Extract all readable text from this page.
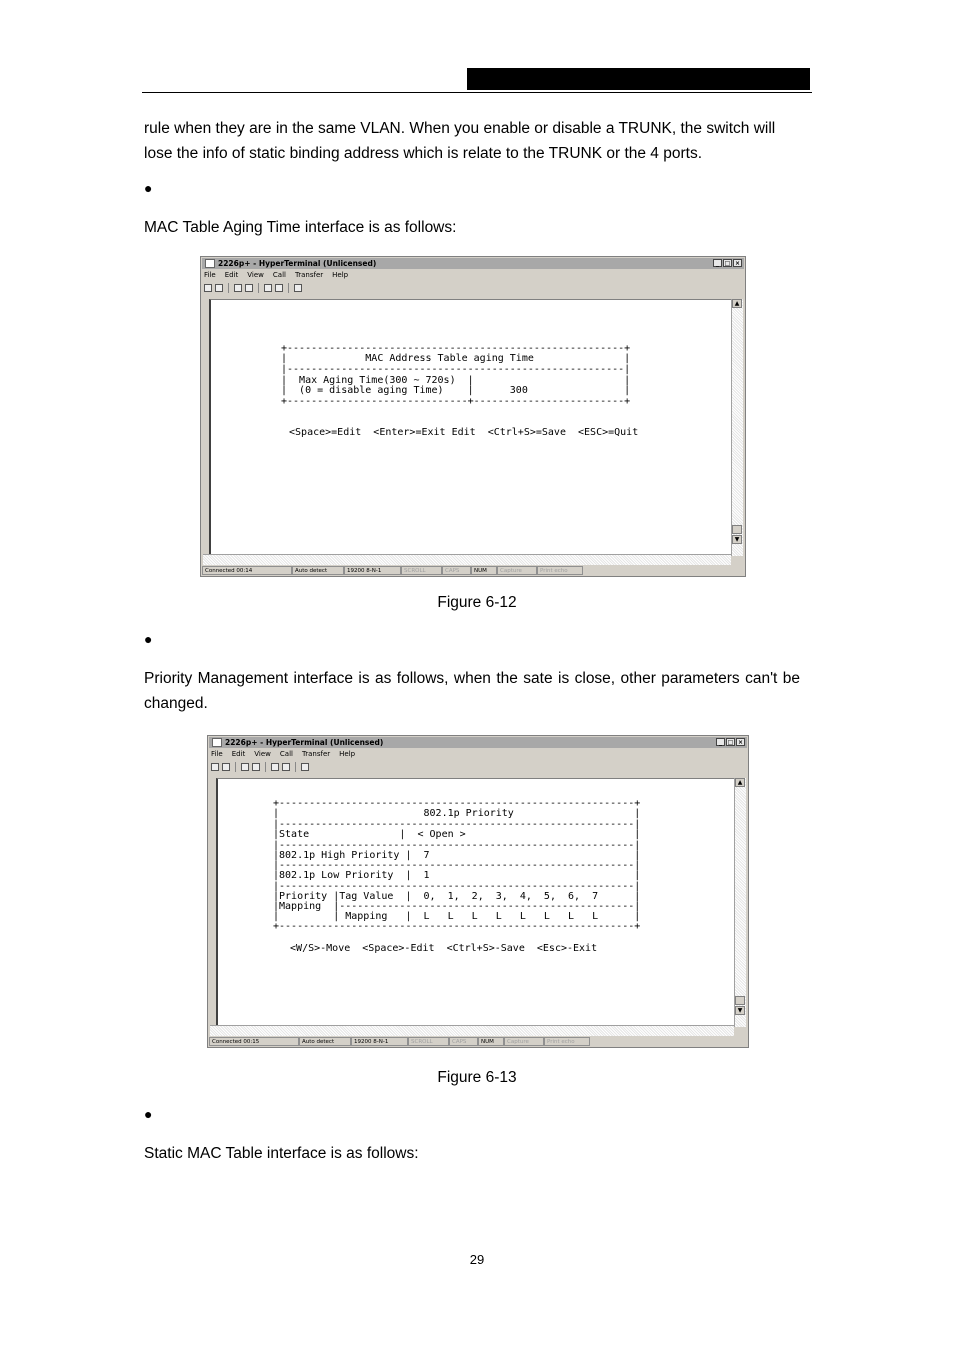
rule when they are in the same VLAN. When you enable or disable a TRUNK, the switch will lose the info of static binding address which is relate to the TRUNK or the 4 ports.

●

MAC Table Aging Time interface is as follows:

2226p+ - HyperTerminal (Unlicensed)	_ □ ×
File Edit View Call Transfer Help
+--------------------------------------------------------+
|             MAC Address Table aging Time               |
|--------------------------------------------------------|
|  Max Aging Time(300 ~ 720s)  |                         |
|  (0 = disable aging Time)    |      300                |
+------------------------------+-------------------------+
<Space>=Edit  <Enter>=Exit Edit  <Ctrl+S>=Save  <ESC>=Quit
▲
▼
Connected 00:14	Auto detect	19200 8-N-1	SCROLL	CAPS	NUM	Capture	Print echo
Figure 6-12
●

Priority Management interface is as follows, when the sate is close, other parameters can't be changed.

2226p+ - HyperTerminal (Unlicensed)	_ □ ×
File Edit View Call Transfer Help
+-----------------------------------------------------------+
|                        802.1p Priority                    |
|-----------------------------------------------------------|
|State               |  < Open >                            |
|-----------------------------------------------------------|
|802.1p High Priority |  7                                  |
|-----------------------------------------------------------|
|802.1p Low Priority  |  1                                  |
|-----------------------------------------------------------|
|Priority |Tag Value  |  0,  1,  2,  3,  4,  5,  6,  7      |
|Mapping  |-------------------------------------------------|
|         | Mapping   |  L   L   L   L   L   L   L   L      |
+-----------------------------------------------------------+
<W/S>-Move  <Space>-Edit  <Ctrl+S>-Save  <Esc>-Exit
▲
▼
Connected 00:15	Auto detect	19200 8-N-1	SCROLL	CAPS	NUM	Capture	Print echo
Figure 6-13
●

Static MAC Table interface is as follows:

29
